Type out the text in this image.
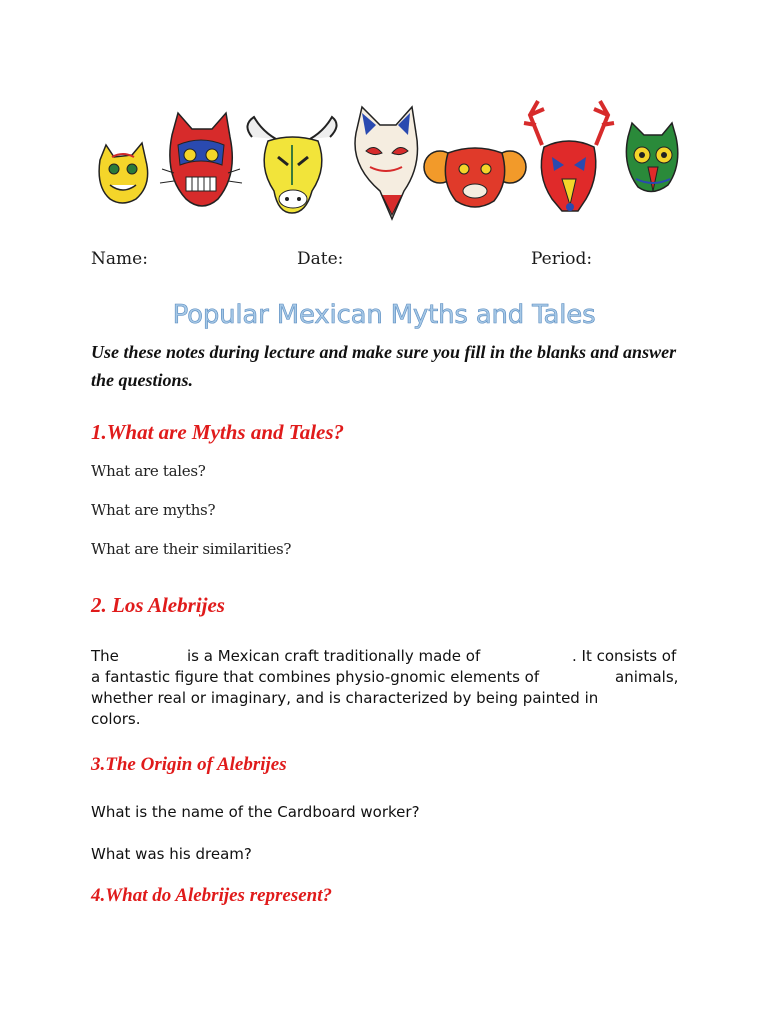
Name:	Date:	Period:
Popular Mexican Myths and Tales
Use these notes during lecture and make sure you fill in the blanks and answer the questions.
1.What are Myths and Tales?
What are tales?
What are myths?
What are their similarities?
2. Los Alebrijes
The	is a Mexican craft traditionally made of	. It consists of
a fantastic figure that combines physio-gnomic elements of	animals,
whether real or imaginary, and is characterized by being painted in
colors.
3.The Origin of Alebrijes
What is the name of the Cardboard worker?
What was his dream?
4.What do Alebrijes represent?
